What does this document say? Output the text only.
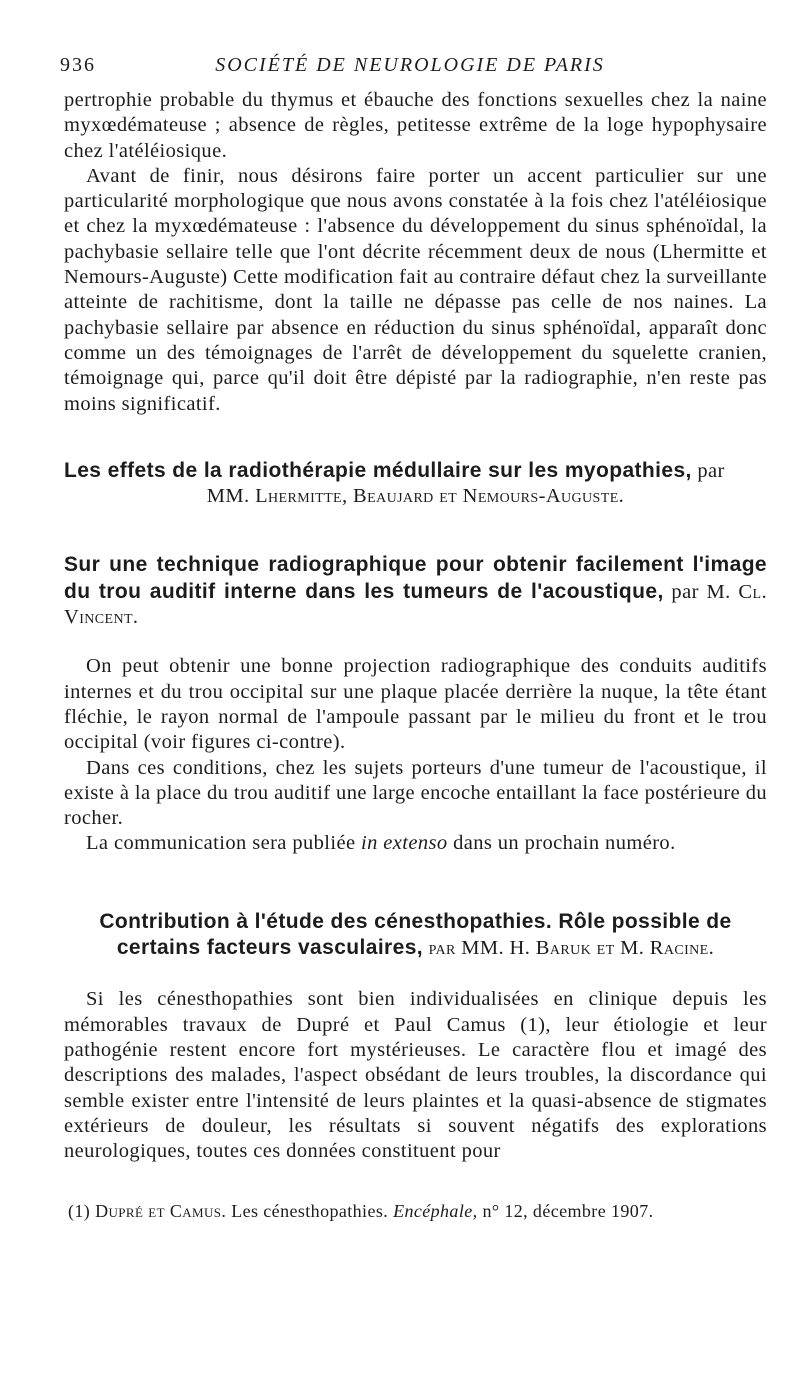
936	SOCIÉTÉ DE NEUROLOGIE DE PARIS

pertrophie probable du thymus et ébauche des fonctions sexuelles chez la naine myxœdémateuse ; absence de règles, petitesse extrême de la loge hypophysaire chez l'atéléiosique.

Avant de finir, nous désirons faire porter un accent particulier sur une particularité morphologique que nous avons constatée à la fois chez l'atéléiosique et chez la myxœdémateuse : l'absence du développement du sinus sphénoïdal, la pachybasie sellaire telle que l'ont décrite récemment deux de nous (Lhermitte et Nemours-Auguste) Cette modification fait au contraire défaut chez la surveillante atteinte de rachitisme, dont la taille ne dépasse pas celle de nos naines. La pachybasie sellaire par absence en réduction du sinus sphénoïdal, apparaît donc comme un des témoignages de l'arrêt de développement du squelette cranien, témoignage qui, parce qu'il doit être dépisté par la radiographie, n'en reste pas moins significatif.

Les effets de la radiothérapie médullaire sur les myopathies, par

MM. Lhermitte, Beaujard et Nemours-Auguste.

Sur une technique radiographique pour obtenir facilement l'image du trou auditif interne dans les tumeurs de l'acoustique, par M. Cl. Vincent.

On peut obtenir une bonne projection radiographique des conduits auditifs internes et du trou occipital sur une plaque placée derrière la nuque, la tête étant fléchie, le rayon normal de l'ampoule passant par le milieu du front et le trou occipital (voir figures ci-contre).

Dans ces conditions, chez les sujets porteurs d'une tumeur de l'acoustique, il existe à la place du trou auditif une large encoche entaillant la face postérieure du rocher.

La communication sera publiée in extenso dans un prochain numéro.

Contribution à l'étude des cénesthopathies. Rôle possible de certains facteurs vasculaires, par MM. H. Baruk et M. Racine.

Si les cénesthopathies sont bien individualisées en clinique depuis les mémorables travaux de Dupré et Paul Camus (1), leur étiologie et leur pathogénie restent encore fort mystérieuses. Le caractère flou et imagé des descriptions des malades, l'aspect obsédant de leurs troubles, la discordance qui semble exister entre l'intensité de leurs plaintes et la quasi-absence de stigmates extérieurs de douleur, les résultats si souvent négatifs des explorations neurologiques, toutes ces données constituent pour

(1) Dupré et Camus. Les cénesthopathies. Encéphale, n° 12, décembre 1907.
